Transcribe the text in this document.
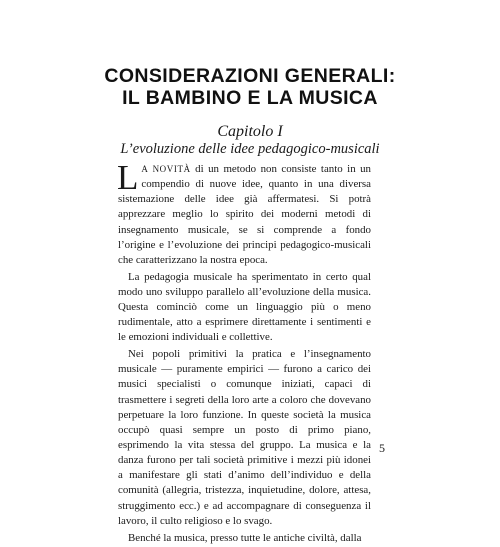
CONSIDERAZIONI GENERALI:
IL BAMBINO E LA MUSICA
Capitolo I
L’evoluzione delle idee pedagogico-musicali

L A NOVITÀ di un metodo non consiste tanto in un compendio di nuove idee, quanto in una diversa sistemazione delle idee già affermatesi. Si potrà apprezzare meglio lo spirito dei moderni metodi di insegnamento musicale, se si comprende a fondo l’origine e l’evoluzione dei principi pedagogico-musicali che caratterizzano la nostra epoca.

La pedagogia musicale ha sperimentato in certo qual modo uno sviluppo parallelo all’evoluzione della musica. Questa cominciò come un linguaggio più o meno rudimentale, atto a esprimere direttamente i sentimenti e le emozioni individuali e collettive.

Nei popoli primitivi la pratica e l’insegnamento musicale — puramente empirici — furono a carico dei musici specialisti o comunque iniziati, capaci di trasmettere i segreti della loro arte a coloro che dovevano perpetuare la loro funzione. In queste società la musica occupò quasi sempre un posto di primo piano, esprimendo la vita stessa del gruppo. La musica e la danza furono per tali società primitive i mezzi più idonei a manifestare gli stati d’animo dell’individuo e della comunità (allegria, tristezza, inquietudine, dolore, attesa, struggimento ecc.) e ad accompagnare di conseguenza il lavoro, il culto religioso e lo svago.

Benché la musica, presso tutte le antiche civiltà, dalla

5
